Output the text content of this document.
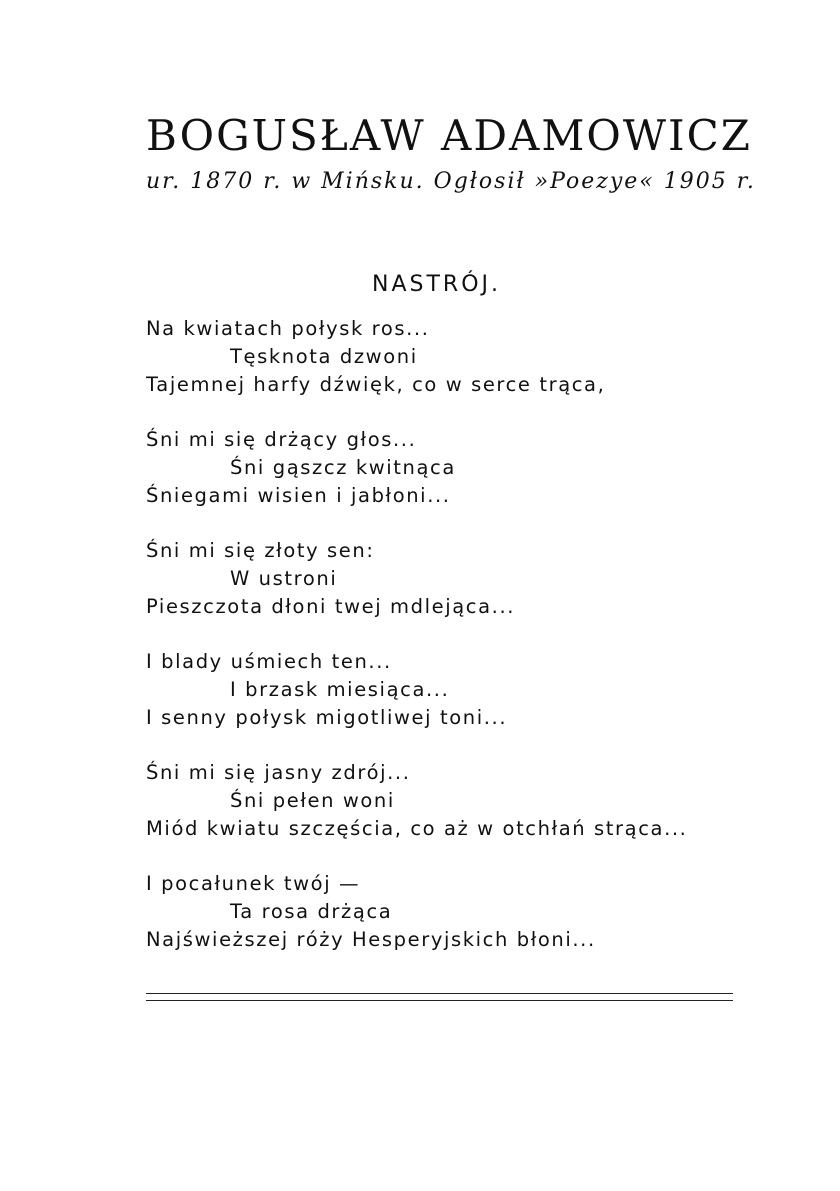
BOGUSŁAW ADAMOWICZ
ur. 1870 r. w Mińsku. Ogłosił »Poezye« 1905 r.
NASTRÓJ.
Na kwiatach połysk ros...
Tęsknota dzwoni
Tajemnej harfy dźwięk, co w serce trąca,
Śni mi się drżący głos...
Śni gąszcz kwitnąca
Śniegami wisien i jabłoni...
Śni mi się złoty sen:
W ustroni
Pieszczota dłoni twej mdlejąca...
I blady uśmiech ten...
I brzask miesiąca...
I senny połysk migotliwej toni...
Śni mi się jasny zdrój...
Śni pełen woni
Miód kwiatu szczęścia, co aż w otchłań strąca...
I pocałunek twój —
Ta rosa drżąca
Najświeższej róży Hesperyjskich błoni...
